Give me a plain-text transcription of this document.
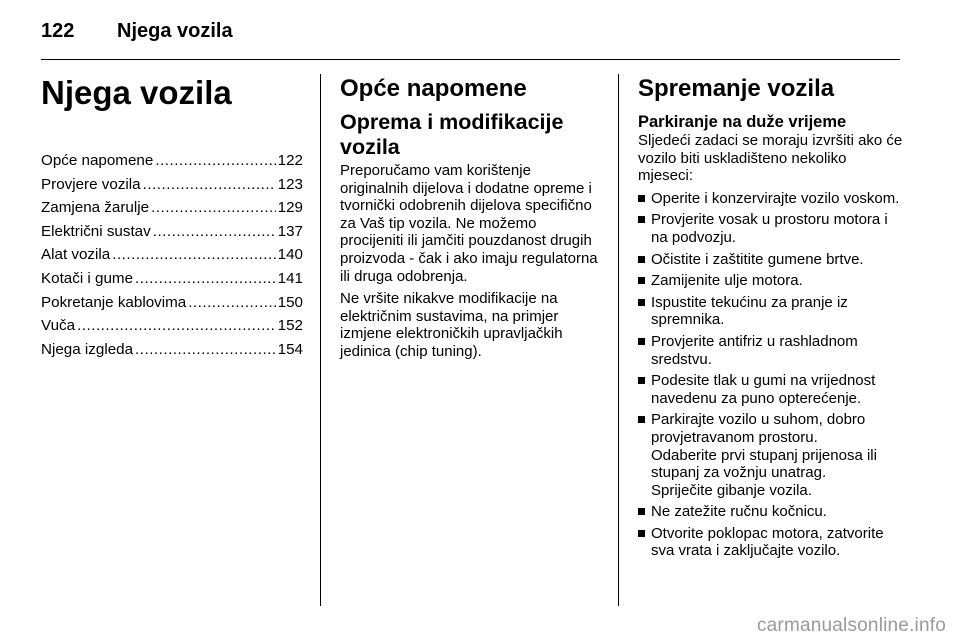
122 Njega vozila
Njega vozila
Opće napomene .....	122
Provjere vozila .....	123
Zamjena žarulje .....	129
Električni sustav .....	137
Alat vozila .....	140
Kotači i gume .....	141
Pokretanje kablovima .....	150
Vuča .....	152
Njega izgleda .....	154
Opće napomene
Oprema i modifikacije vozila

Preporučamo vam korištenje originalnih dijelova i dodatne opreme i tvornički odobrenih dijelova specifično za Vaš tip vozila. Ne možemo procijeniti ili jamčiti pouzdanost drugih proizvoda - čak i ako imaju regulatorna ili druga odobrenja.

Ne vršite nikakve modifikacije na električnim sustavima, na primjer izmjene elektroničkih upravljačkih jedinica (chip tuning).

Spremanje vozila
Parkiranje na duže vrijeme

Sljedeći zadaci se moraju izvršiti ako će vozilo biti uskladišteno nekoliko mjeseci:

Operite i konzervirajte vozilo voskom.
Provjerite vosak u prostoru motora i na podvozju.
Očistite i zaštitite gumene brtve.
Zamijenite ulje motora.
Ispustite tekućinu za pranje iz spremnika.
Provjerite antifriz u rashladnom sredstvu.
Podesite tlak u gumi na vrijednost navedenu za puno opterećenje.
Parkirajte vozilo u suhom, dobro provjetravanom prostoru.
Odaberite prvi stupanj prijenosa ili stupanj za vožnju unatrag.
Spriječite gibanje vozila.
Ne zatežite ručnu kočnicu.
Otvorite poklopac motora, zatvorite sva vrata i zaključajte vozilo.
carmanualsonline.info
